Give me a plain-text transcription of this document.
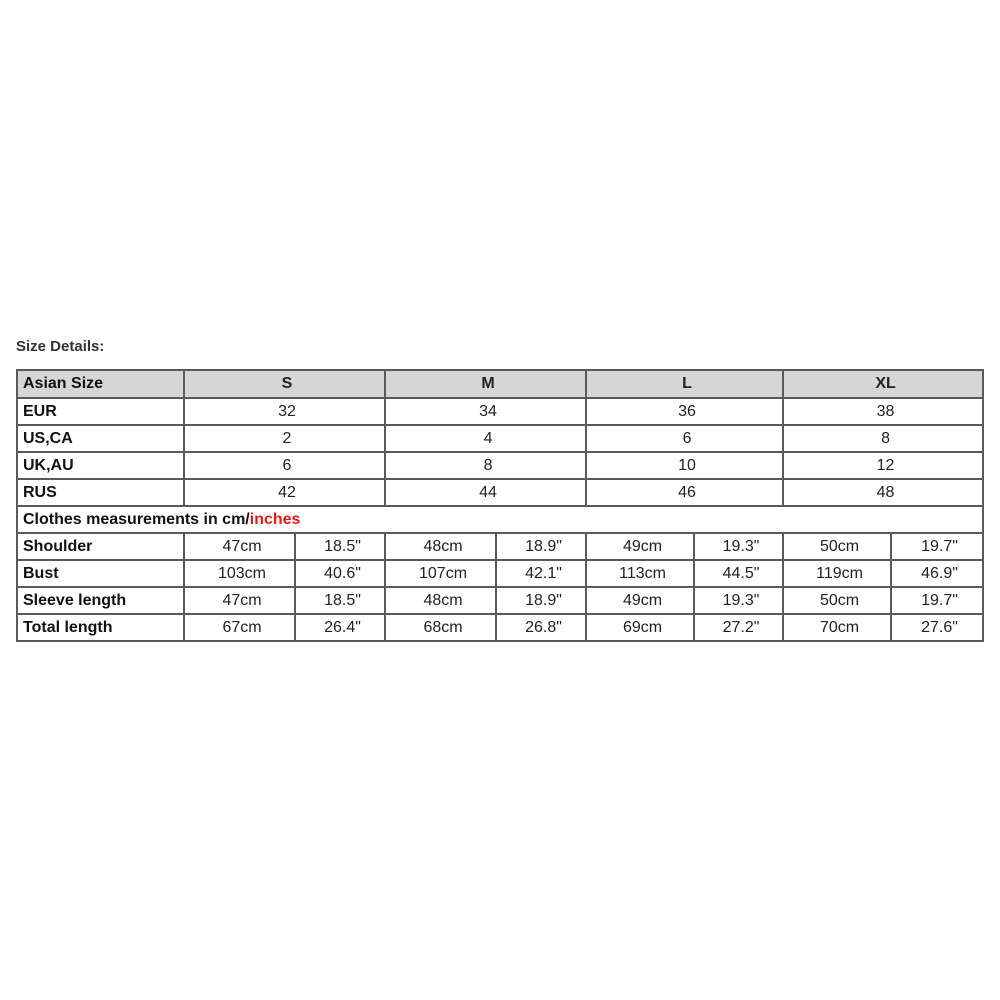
Size Details:
Asian Size	S		M		L		XL	
EUR	32		34		36		38	
US,CA	2		4		6		8	
UK,AU	6		8		10		12	
RUS	42		44		46		48	
Clothes measurements in cm/inches								
Shoulder	47cm	18.5"	48cm	18.9"	49cm	19.3"	50cm	19.7"
Bust	103cm	40.6"	107cm	42.1"	113cm	44.5"	119cm	46.9"
Sleeve length	47cm	18.5"	48cm	18.9"	49cm	19.3"	50cm	19.7"
Total length	67cm	26.4"	68cm	26.8"	69cm	27.2"	70cm	27.6"
